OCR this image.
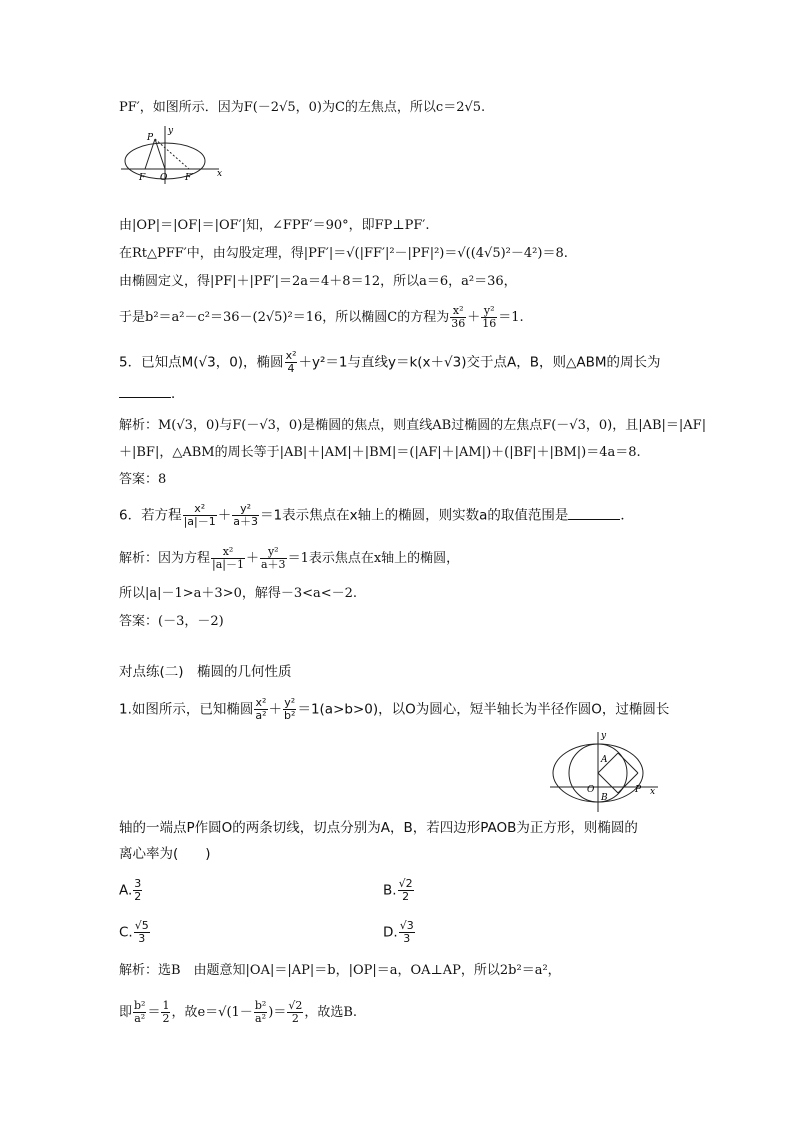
PF′，如图所示．因为F(－2√5，0)为C的左焦点，所以c＝2√5.
P
y
F O F′	x
由|OP|＝|OF|＝|OF′|知，∠FPF′＝90°，即FP⊥PF′.
在Rt△PFF′中，由勾股定理，得|PF′|＝√(|FF′|²－|PF|²)＝√((4√5)²－4²)＝8.
由椭圆定义，得|PF|＋|PF′|＝2a＝4＋8＝12，所以a＝6，a²＝36，
于是b²＝a²－c²＝36－(2√5)²＝16，所以椭圆C的方程为 $\frac{\text{x²}}{36} + \frac{\text{y²}}{16} =1$.
5．已知点M(√3，0)，椭圆 $\frac{\text{x²}}{4} +y^2=1$与直线y＝k(x＋√3)交于点A，B，则△ABM的周长为
．
解析：M(√3，0)与F(－√3，0)是椭圆的焦点，则直线AB过椭圆的左焦点F(－√3，0)，且|AB|＝|AF|
＋|BF|，△ABM的周长等于|AB|＋|AM|＋|BM|＝(|AF|＋|AM|)＋(|BF|＋|BM|)＝4a＝8.
答案：8
6．若方程 $\frac{\text{x²}}{|a|-1} + \frac{\text{y²}}{a+3} =1$表示焦点在x轴上的椭圆，则实数a的取值范围是	．
解析：因为方程 $\frac{\text{x²}}{|a|-1} + \frac{\text{y²}}{a+3} =1$表示焦点在x轴上的椭圆，
所以|a|－1>a＋3>0，解得－3<a<－2.
答案：(－3，－2)
对点练(二)　椭圆的几何性质
1.如图所示，已知椭圆 $\frac{\text{x²}}{\text{a²}} + \frac{\text{y²}}{\text{b²}} =1(a>b>0)$，以O为圆心，短半轴长为半径作圆O，过椭圆长
y
A
O
B
P x
轴的一端点P作圆O的两条切线，切点分别为A，B，若四边形PAOB为正方形，则椭圆的
离心率为(　　)
A. $\frac{3}{2}$	B. $\frac{√2}{2}$
C. $\frac{√5}{3}$	D. $\frac{√3}{3}$
解析：选B　由题意知|OA|＝|AP|＝b，|OP|＝a，OA⊥AP，所以2b²＝a²，
即 $\frac{\text{b²}}{\text{a²}} = \frac{1}{2}$ ，故$e=√(1- \frac{\text{b²}}{\text{a²}}$ )＝ $\frac{√2}{2}$ ，故选B.
